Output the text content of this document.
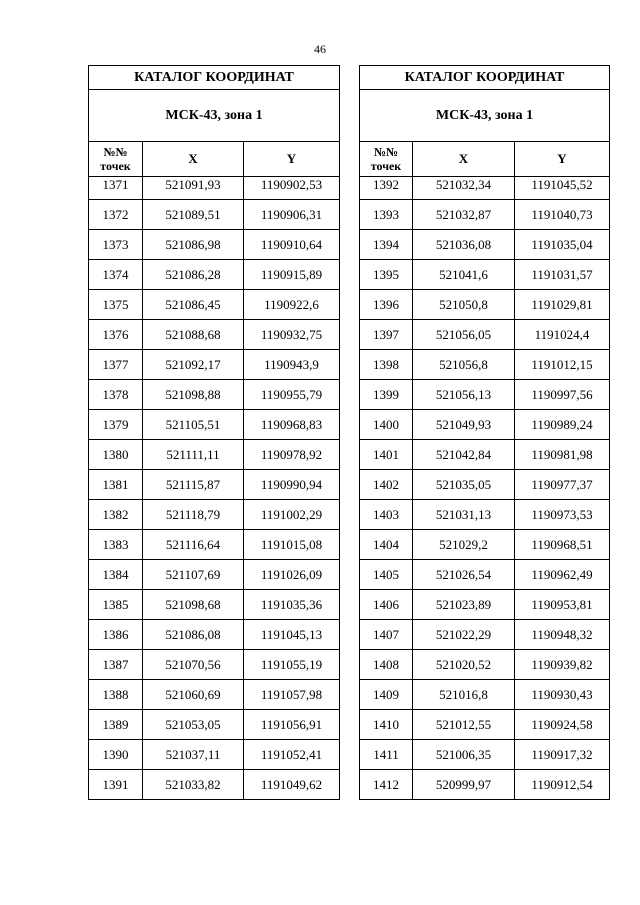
46
КАТАЛОГ КООРДИНАТ		
МСК-43, зона 1		
№№
точек	X	Y
1371	521091,93	1190902,53
1372	521089,51	1190906,31
1373	521086,98	1190910,64
1374	521086,28	1190915,89
1375	521086,45	1190922,6
1376	521088,68	1190932,75
1377	521092,17	1190943,9
1378	521098,88	1190955,79
1379	521105,51	1190968,83
1380	521111,11	1190978,92
1381	521115,87	1190990,94
1382	521118,79	1191002,29
1383	521116,64	1191015,08
1384	521107,69	1191026,09
1385	521098,68	1191035,36
1386	521086,08	1191045,13
1387	521070,56	1191055,19
1388	521060,69	1191057,98
1389	521053,05	1191056,91
1390	521037,11	1191052,41
1391	521033,82	1191049,62
КАТАЛОГ КООРДИНАТ		
МСК-43, зона 1		
№№
точек	X	Y
1392	521032,34	1191045,52
1393	521032,87	1191040,73
1394	521036,08	1191035,04
1395	521041,6	1191031,57
1396	521050,8	1191029,81
1397	521056,05	1191024,4
1398	521056,8	1191012,15
1399	521056,13	1190997,56
1400	521049,93	1190989,24
1401	521042,84	1190981,98
1402	521035,05	1190977,37
1403	521031,13	1190973,53
1404	521029,2	1190968,51
1405	521026,54	1190962,49
1406	521023,89	1190953,81
1407	521022,29	1190948,32
1408	521020,52	1190939,82
1409	521016,8	1190930,43
1410	521012,55	1190924,58
1411	521006,35	1190917,32
1412	520999,97	1190912,54
